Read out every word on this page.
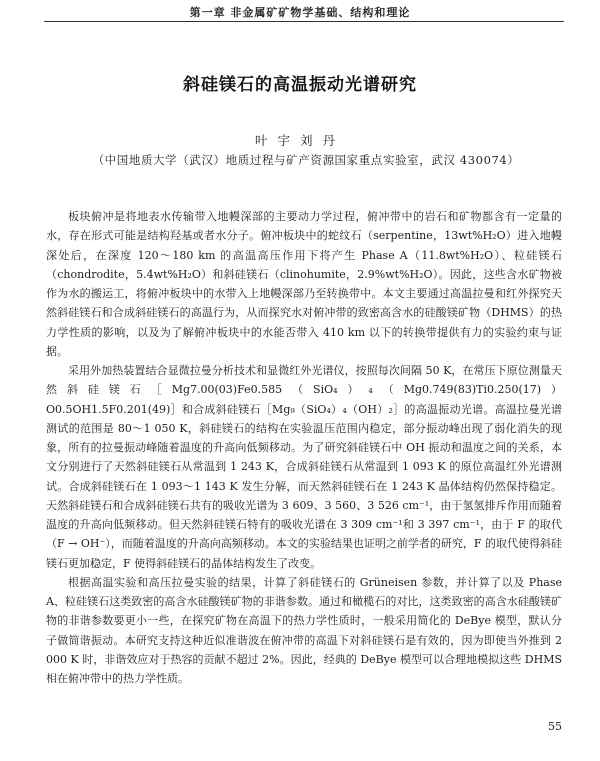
第一章 非金属矿矿物学基础、结构和理论
斜硅镁石的高温振动光谱研究
叶宇刘丹
（中国地质大学（武汉）地质过程与矿产资源国家重点实验室，武汉 430074）

板块俯冲是将地表水传输带入地幔深部的主要动力学过程，俯冲带中的岩石和矿物都含有一定量的水，存在形式可能是结构羟基或者水分子。俯冲板块中的蛇纹石（serpentine，13wt%H₂O）进入地幔深处后，在深度 120～180 km 的高温高压作用下将产生 Phase A（11.8wt%H₂O）、粒硅镁石（chondrodite，5.4wt%H₂O）和斜硅镁石（clinohumite，2.9%wt%H₂O）。因此，这些含水矿物被作为水的搬运工，将俯冲板块中的水带入上地幔深部乃至转换带中。本文主要通过高温拉曼和红外探究天然斜硅镁石和合成斜硅镁石的高温行为，从而探究水对俯冲带的致密高含水的硅酸镁矿物（DHMS）的热力学性质的影响，以及为了解俯冲板块中的水能否带入 410 km 以下的转换带提供有力的实验约束与证据。

采用外加热装置结合显微拉曼分析技术和显微红外光谱仪，按照每次间隔 50 K，在常压下原位测量天然斜硅镁石［Mg7.00(03)Fe0.585（SiO₄）₄（Mg0.749(83)Ti0.250(17)）O0.5OH1.5F0.201(49)］和合成斜硅镁石［Mg₉（SiO₄）₄（OH）₂］的高温振动光谱。高温拉曼光谱测试的范围是 80～1 050 K，斜硅镁石的结构在实验温压范围内稳定，部分振动峰出现了弱化消失的现象，所有的拉曼振动峰随着温度的升高向低频移动。为了研究斜硅镁石中 OH 振动和温度之间的关系，本文分别进行了天然斜硅镁石从常温到 1 243 K，合成斜硅镁石从常温到 1 093 K 的原位高温红外光谱测试。合成斜硅镁石在 1 093～1 143 K 发生分解，而天然斜硅镁石在 1 243 K 晶体结构仍然保持稳定。天然斜硅镁石和合成斜硅镁石共有的吸收光谱为 3 609、3 560、3 526 cm⁻¹，由于氢氢排斥作用而随着温度的升高向低频移动。但天然斜硅镁石特有的吸收光谱在 3 309 cm⁻¹和 3 397 cm⁻¹，由于 F 的取代（F → OH⁻），而随着温度的升高向高频移动。本文的实验结果也证明之前学者的研究，F 的取代使得斜硅镁石更加稳定，F 使得斜硅镁石的晶体结构发生了改变。

根据高温实验和高压拉曼实验的结果，计算了斜硅镁石的 Grüneisen 参数，并计算了以及 Phase A、粒硅镁石这类致密的高含水硅酸镁矿物的非谐参数。通过和橄榄石的对比，这类致密的高含水硅酸镁矿物的非谐参数要更小一些，在探究矿物在高温下的热力学性质时，一般采用简化的 DeBye 模型，默认分子做简谐振动。本研究支持这种近似准谐波在俯冲带的高温下对斜硅镁石是有效的，因为即使当外推到 2 000 K 时，非谐效应对于热容的贡献不超过 2%。因此，经典的 DeBye 模型可以合理地模拟这些 DHMS 相在俯冲带中的热力学性质。

55
